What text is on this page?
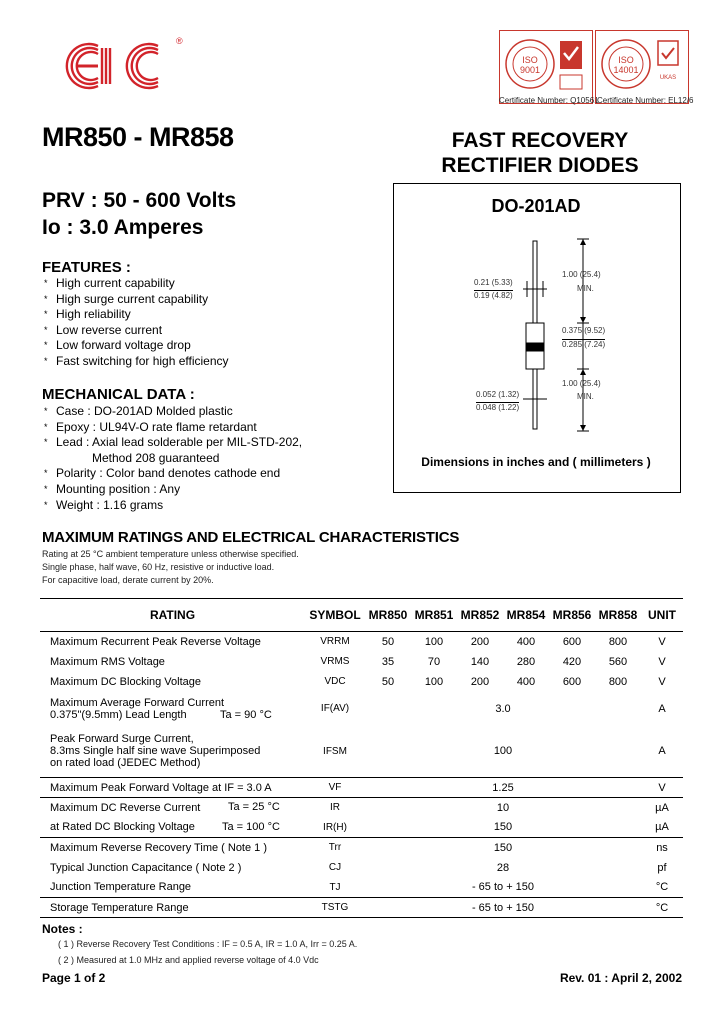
®
ISO
9001
Certificate Number: Q10561
ISO
14001
UKAS
Certificate Number: EL12/6
MR850 - MR858	FAST RECOVERY
RECTIFIER DIODES
PRV : 50 - 600 Volts
Io : 3.0 Amperes
FEATURES :
* High current capability
* High surge current capability
* High reliability
* Low reverse current
* Low forward voltage drop
* Fast switching for high efficiency
MECHANICAL DATA :
* Case : DO-201AD Molded plastic
* Epoxy : UL94V-O rate flame retardant
* Lead : Axial lead solderable per MIL-STD-202,
Method 208 guaranteed
* Polarity : Color band denotes cathode end
* Mounting position : Any
* Weight : 1.16 grams
DO-201AD
0.21 (5.33)
0.19 (4.82)
1.00 (25.4)
MIN.
0.375 (9.52)
0.285 (7.24)
0.052 (1.32)
0.048 (1.22)
1.00 (25.4)
MIN.
Dimensions in inches and ( millimeters )
MAXIMUM RATINGS AND ELECTRICAL CHARACTERISTICS
Rating at 25 °C ambient temperature unless otherwise specified.
Single phase, half wave, 60 Hz, resistive or inductive load.
For capacitive load, derate current by 20%.
RATING	SYMBOL	MR850	MR851	MR852	MR854	MR856	MR858	UNIT
Maximum Recurrent Peak Reverse Voltage	VRRM	50	100	200	400	600	800	V
Maximum RMS Voltage	VRMS	35	70	140	280	420	560	V
Maximum DC Blocking Voltage	VDC	50	100	200	400	600	800	V

Maximum Average Forward Current
0.375"(9.5mm) Lead Length Ta = 90 °C	IF(AV)	3.0						A

Peak Forward Surge Current,
8.3ms Single half sine wave Superimposed
on rated load (JEDEC Method)	IFSM	100						A
Maximum Peak Forward Voltage at IF = 3.0 A	VF	1.25						V
Maximum DC Reverse Current Ta = 25 °C	IR	10						µA
at Rated DC Blocking Voltage Ta = 100 °C	IR(H)	150						µA
Maximum Reverse Recovery Time ( Note 1 )	Trr	150						ns
Typical Junction Capacitance ( Note 2 )	CJ	28						pf
Junction Temperature Range	TJ	- 65 to + 150						°C
Storage Temperature Range	TSTG	- 65 to + 150						°C
Notes :
( 1 ) Reverse Recovery Test Conditions : IF = 0.5 A, IR = 1.0 A, Irr = 0.25 A.
( 2 ) Measured at 1.0 MHz and applied reverse voltage of 4.0 Vdc
Page 1 of 2	Rev. 01 : April 2, 2002
